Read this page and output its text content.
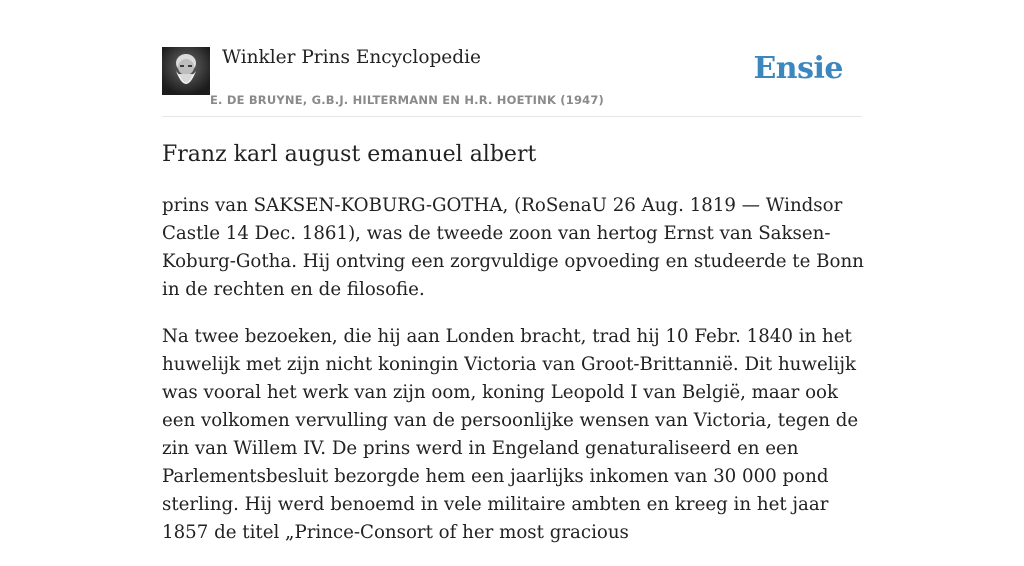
Winkler Prins Encyclopedie
E. DE BRUYNE, G.B.J. HILTERMANN EN H.R. HOETINK (1947)
Ensie
Franz karl august emanuel albert

prins van SAKSEN-KOBURG-GOTHA, (RoSenaU 26 Aug. 1819 — Windsor Castle 14 Dec. 1861), was de tweede zoon van hertog Ernst van Saksen-Koburg-Gotha. Hij ontving een zorgvuldige opvoeding en studeerde te Bonn in de rechten en de filosofie.

Na twee bezoeken, die hij aan Londen bracht, trad hij 10 Febr. 1840 in het huwelijk met zijn nicht koningin Victoria van Groot-Brittannië. Dit huwelijk was vooral het werk van zijn oom, koning Leopold I van België, maar ook een volkomen vervulling van de persoonlijke wensen van Victoria, tegen de zin van Willem IV. De prins werd in Engeland genaturaliseerd en een Parlementsbesluit bezorgde hem een jaarlijks inkomen van 30 000 pond sterling. Hij werd benoemd in vele militaire ambten en kreeg in het jaar 1857 de titel „Prince-Consort of her most gracious
